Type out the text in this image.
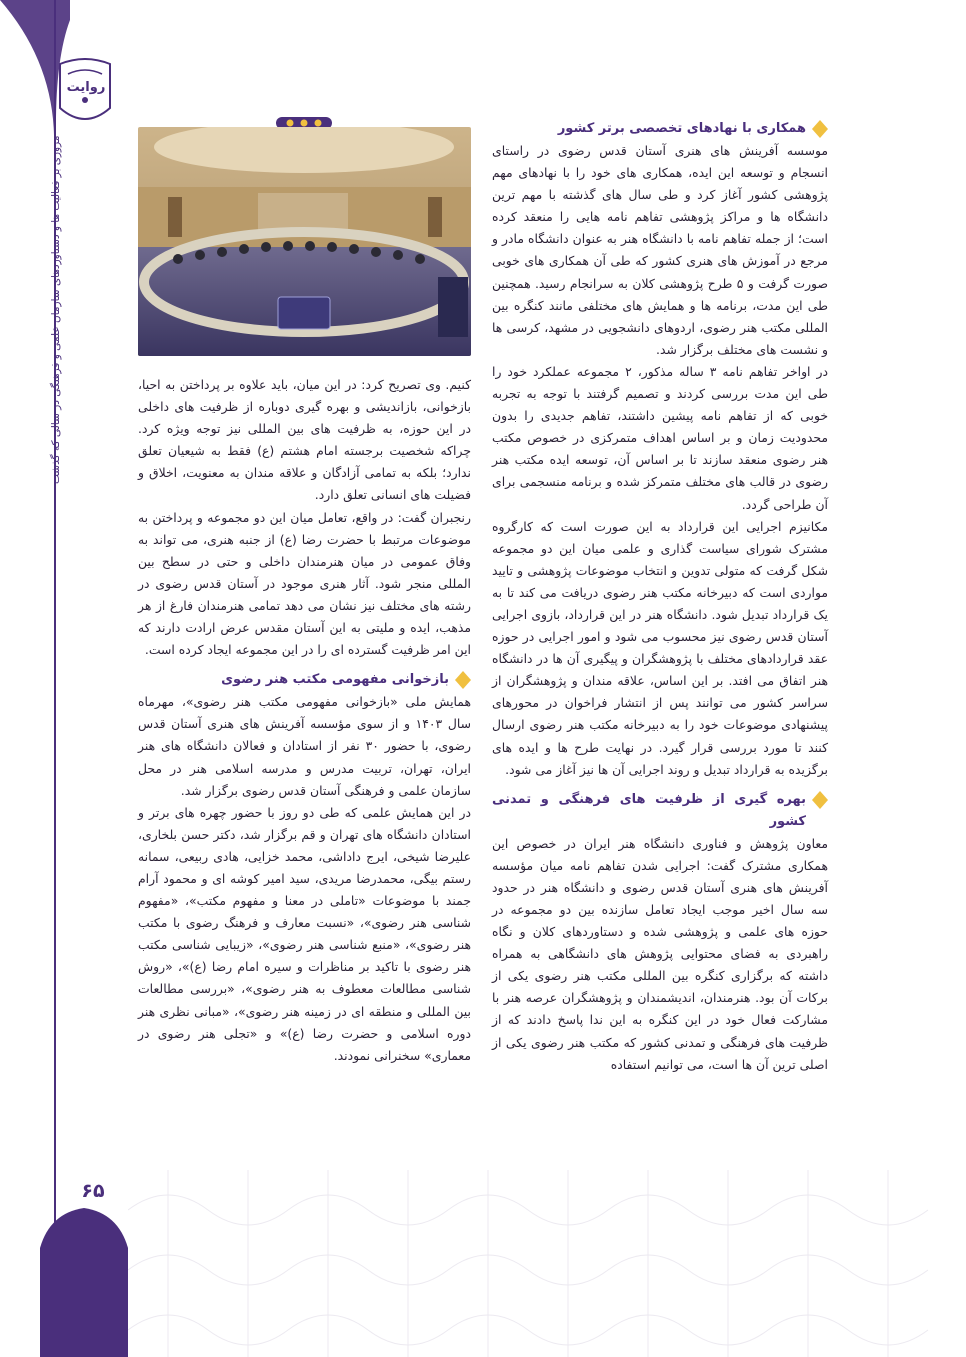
روایت
مروری بر فعالیت ها و دستاوردهای سازمان علمی و فرهنگی در سالی که گذشت
۶۵
همکاری با نهادهای تخصصی برتر کشور

موسسه آفرینش های هنری آستان قدس رضوی در راستای انسجام و توسعه این ایده، همکاری های خود را با نهادهای مهم پژوهشی کشور آغاز کرد و طی سال های گذشته با مهم ترین دانشگاه ها و مراکز پژوهشی تفاهم نامه هایی را منعقد کرده است؛ از جمله تفاهم نامه با دانشگاه هنر به عنوان دانشگاه مادر و مرجع در آموزش های هنری کشور که طی آن همکاری های خوبی صورت گرفت و ۵ طرح پژوهشی کلان به سرانجام رسید. همچنین طی این مدت، برنامه ها و همایش های مختلفی مانند کنگره بین المللی مکتب هنر رضوی، اردوهای دانشجویی در مشهد، کرسی ها و نشست های مختلف برگزار شد.

در اواخر تفاهم نامه ۳ ساله مذکور، ۲ مجموعه عملکرد خود را طی این مدت بررسی کردند و تصمیم گرفتند با توجه به تجربه خوبی که از تفاهم نامه پیشین داشتند، تفاهم جدیدی را بدون محدودیت زمان و بر اساس اهداف متمرکزی در خصوص مکتب هنر رضوی منعقد سازند تا بر اساس آن، توسعه ایده مکتب هنر رضوی در قالب های مختلف متمرکز شده و برنامه منسجمی برای آن طراحی گردد.

مکانیزم اجرایی این قرارداد به این صورت است که کارگروه مشترک شورای سیاست گذاری و علمی میان این دو مجموعه شکل گرفت که متولی تدوین و انتخاب موضوعات پژوهشی و تایید مواردی است که دبیرخانه مکتب هنر رضوی دریافت می کند تا به یک قرارداد تبدیل شود. دانشگاه هنر در این قرارداد، بازوی اجرایی آستان قدس رضوی نیز محسوب می شود و امور اجرایی در حوزه عقد قراردادهای مختلف با پژوهشگران و پیگیری آن ها در دانشگاه هنر اتفاق می افتد. بر این اساس، علاقه مندان و پژوهشگران از سراسر کشور می توانند پس از انتشار فراخوان در محورهای پیشنهادی موضوعات خود را به دبیرخانه مکتب هنر رضوی ارسال کنند تا مورد بررسی قرار گیرد. در نهایت طرح ها و ایده های برگزیده به قرارداد تبدیل و روند اجرایی آن ها نیز آغاز می شود.

بهره گیری از ظرفیت های فرهنگی و تمدنی کشور

معاون پژوهش و فناوری دانشگاه هنر ایران در خصوص این همکاری مشترک گفت: اجرایی شدن تفاهم نامه میان مؤسسه آفرینش های هنری آستان قدس رضوی و دانشگاه هنر در حدود سه سال اخیر موجب ایجاد تعامل سازنده بین دو مجموعه در حوزه های علمی و پژوهشی شده و دستاوردهای کلان و نگاه راهبردی به فضای محتوایی پژوهش های دانشگاهی به همراه داشته که برگزاری کنگره بین المللی مکتب هنر رضوی یکی از برکات آن بود. هنرمندان، اندیشمندان و پژوهشگران عرصه هنر با مشارکت فعال خود در این کنگره به این ندا پاسخ دادند که از ظرفیت های فرهنگی و تمدنی کشور که مکتب هنر رضوی یکی از اصلی ترین آن ها است، می توانیم استفاده

کنیم. وی تصریح کرد: در این میان، باید علاوه بر پرداختن به احیا، بازخوانی، بازاندیشی و بهره گیری دوباره از ظرفیت های داخلی در این حوزه، به ظرفیت های بین المللی نیز توجه ویژه کرد. چراکه شخصیت برجسته امام هشتم (ع) فقط به شیعیان تعلق ندارد؛ بلکه به تمامی آزادگان و علاقه مندان به معنویت، اخلاق و فضیلت های انسانی تعلق دارد.

رنجبران گفت: در واقع، تعامل میان این دو مجموعه و پرداختن به موضوعات مرتبط با حضرت رضا (ع) از جنبه هنری، می تواند به وفاق عمومی در میان هنرمندان داخلی و حتی در سطح بین المللی منجر شود. آثار هنری موجود در آستان قدس رضوی در رشته های مختلف نیز نشان می دهد تمامی هنرمندان فارغ از هر مذهب، ایده و ملیتی به این آستان مقدس عرض ارادت دارند که این امر ظرفیت گسترده ای را در این مجموعه ایجاد کرده است.

بازخوانی مفهومی مکتب هنر رضوی

همایش ملی «بازخوانی مفهومی مکتب هنر رضوی»، مهرماه سال ۱۴۰۳ و از سوی مؤسسه آفرینش های هنری آستان قدس رضوی، با حضور ۳۰ نفر از استادان و فعالان دانشگاه های هنر ایران، تهران، تربیت مدرس و مدرسه اسلامی هنر در محل سازمان علمی و فرهنگی آستان قدس رضوی برگزار شد.

در این همایش علمی که طی دو روز با حضور چهره های برتر و استادان دانشگاه های تهران و قم برگزار شد، دکتر حسن بلخاری، علیرضا شیخی، ایرج داداشی، محمد خزایی، هادی ربیعی، سمانه رستم بیگی، محمدرضا مریدی، سید امیر کوشه ای و محمود آرام جمند با موضوعات «تاملی در معنا و مفهوم مکتب»، «مفهوم شناسی هنر رضوی»، «نسبت معارف و فرهنگ رضوی با مکتب هنر رضوی»، «منبع شناسی هنر رضوی»، «زیبایی شناسی مکتب هنر رضوی با تاکید بر مناظرات و سیره امام رضا (ع)»، «روش شناسی مطالعات معطوف به هنر رضوی»، «بررسی مطالعات بین المللی و منطقه ای در زمینه هنر رضوی»، «مبانی نظری هنر دوره اسلامی و حضرت رضا (ع)» و «تجلی هنر رضوی در معماری» سخنرانی نمودند.
